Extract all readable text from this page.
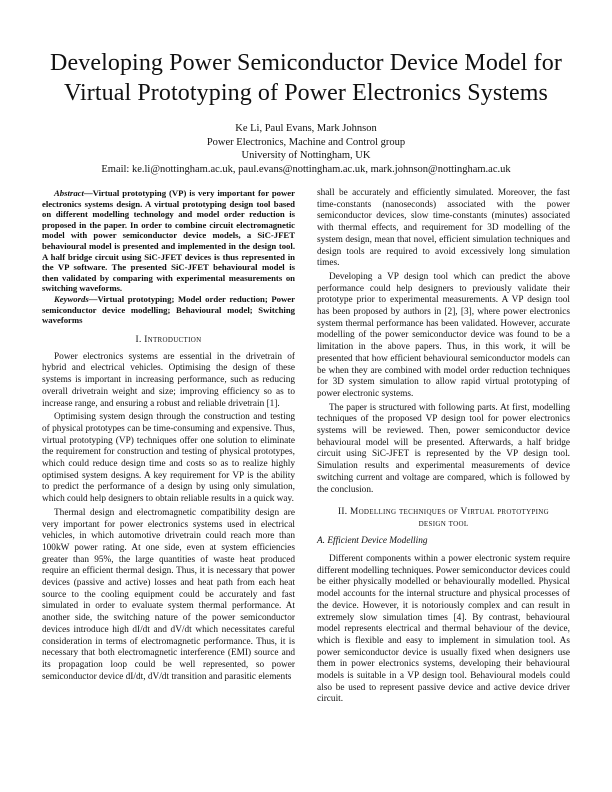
Developing Power Semiconductor Device Model for
Virtual Prototyping of Power Electronics Systems
Ke Li, Paul Evans, Mark Johnson
Power Electronics, Machine and Control group
University of Nottingham, UK
Email: ke.li@nottingham.ac.uk, paul.evans@nottingham.ac.uk, mark.johnson@nottingham.ac.uk

Abstract—Virtual prototyping (VP) is very important for power electronics systems design. A virtual prototyping design tool based on different modelling technology and model order reduction is proposed in the paper. In order to combine circuit electromagnetic model with power semiconductor device models, a SiC-JFET behavioural model is presented and implemented in the design tool. A half bridge circuit using SiC-JFET devices is thus represented in the VP software. The presented SiC-JFET behavioural model is then validated by comparing with experimental measurements on switching waveforms.

Keywords—Virtual prototyping; Model order reduction; Power semiconductor device modelling; Behavioural model; Switching waveforms

I. Introduction

Power electronics systems are essential in the drivetrain of hybrid and electrical vehicles. Optimising the design of these systems is important in increasing performance, such as reducing overall drivetrain weight and size; improving efficiency so as to increase range, and ensuring a robust and reliable drivetrain [1].

Optimising system design through the construction and testing of physical prototypes can be time-consuming and expensive. Thus, virtual prototyping (VP) techniques offer one solution to eliminate the requirement for construction and testing of physical prototypes, which could reduce design time and costs so as to realize highly optimised system designs. A key requirement for VP is the ability to predict the performance of a design by using only simulation, which could help designers to obtain reliable results in a quick way.

Thermal design and electromagnetic compatibility design are very important for power electronics systems used in electrical vehicles, in which automotive drivetrain could reach more than 100kW power rating. At one side, even at system efficiencies greater than 95%, the large quantities of waste heat produced require an efficient thermal design. Thus, it is necessary that power devices (passive and active) losses and heat path from each heat source to the cooling equipment could be accurately and fast simulated in order to evaluate system thermal performance. At another side, the switching nature of the power semiconductor devices introduce high dI/dt and dV/dt which necessitates careful consideration in terms of electromagnetic performance. Thus, it is necessary that both electromagnetic interference (EMI) source and its propagation loop could be well represented, so power semiconductor device dI/dt, dV/dt transition and parasitic elements

shall be accurately and efficiently simulated. Moreover, the fast time-constants (nanoseconds) associated with the power semiconductor devices, slow time-constants (minutes) associated with thermal effects, and requirement for 3D modelling of the system design, mean that novel, efficient simulation techniques and design tools are required to avoid excessively long simulation times.

Developing a VP design tool which can predict the above performance could help designers to previously validate their prototype prior to experimental measurements. A VP design tool has been proposed by authors in [2], [3], where power electronics system thermal performance has been validated. However, accurate modelling of the power semiconductor device was found to be a limitation in the above papers. Thus, in this work, it will be presented that how efficient behavioural semiconductor models can be when they are combined with model order reduction techniques for 3D system simulation to allow rapid virtual prototyping of power electronic systems.

The paper is structured with following parts. At first, modelling techniques of the proposed VP design tool for power electronics systems will be reviewed. Then, power semiconductor device behavioural model will be presented. Afterwards, a half bridge circuit using SiC-JFET is represented by the VP design tool. Simulation results and experimental measurements of device switching current and voltage are compared, which is followed by the conclusion.

II. Modelling techniques of Virtual prototyping
design tool
A. Efficient Device Modelling

Different components within a power electronic system require different modelling techniques. Power semiconductor devices could be either physically modelled or behaviourally modelled. Physical model accounts for the internal structure and physical processes of the device. However, it is notoriously complex and can result in extremely slow simulation times [4]. By contrast, behavioural model represents electrical and thermal behaviour of the device, which is flexible and easy to implement in simulation tool. As power semiconductor device is usually fixed when designers use them in power electronics systems, developing their behavioural models is suitable in a VP design tool. Behavioural models could also be used to represent passive device and active device driver circuit.
